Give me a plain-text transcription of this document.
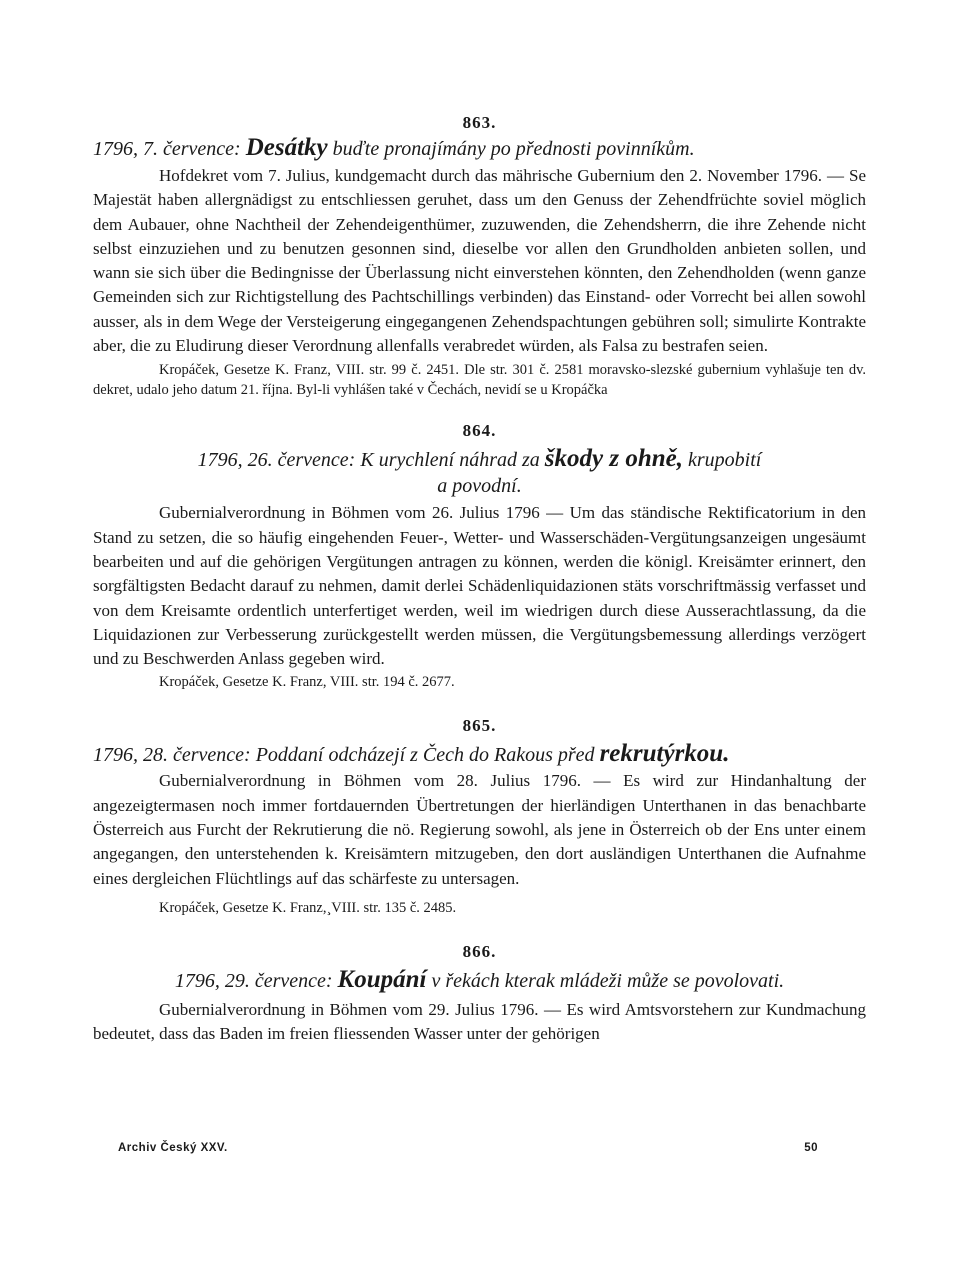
863.

1796, 7. července: Desátky buďte pronajímány po přednosti povinníkům.

Hofdekret vom 7. Julius, kundgemacht durch das mährische Gubernium den 2. November 1796. — Se Majestät haben allergnädigst zu entschliessen geruhet, dass um den Genuss der Zehendfrüchte soviel möglich dem Aubauer, ohne Nachtheil der Zehendeigenthümer, zuzuwenden, die Zehendsherrn, die ihre Zehende nicht selbst einzuziehen und zu benutzen gesonnen sind, dieselbe vor allen den Grundholden anbieten sollen, und wann sie sich über die Bedingnisse der Überlassung nicht einverstehen könnten, den Zehendholden (wenn ganze Gemeinden sich zur Richtigstellung des Pachtschillings verbinden) das Einstand- oder Vorrecht bei allen sowohl ausser, als in dem Wege der Versteigerung eingegangenen Zehendspachtungen gebühren soll; simulirte Kontrakte aber, die zu Eludirung dieser Verordnung allenfalls verabredet würden, als Falsa zu bestrafen seien.

Kropáček, Gesetze K. Franz, VIII. str. 99 č. 2451. Dle str. 301 č. 2581 moravsko-slezské gubernium vyhlašuje ten dv. dekret, udalo jeho datum 21. října. Byl-li vyhlášen také v Čechách, nevidí se u Kropáčka

864.

1796, 26. července: K urychlení náhrad za škody z ohně, krupobití

a povodní.

Gubernialverordnung in Böhmen vom 26. Julius 1796 — Um das ständische Rektificatorium in den Stand zu setzen, die so häufig eingehenden Feuer-, Wetter- und Wasserschäden-Vergütungsanzeigen ungesäumt bearbeiten und auf die gehörigen Vergütungen antragen zu können, werden die königl. Kreisämter erinnert, den sorgfältigsten Bedacht darauf zu nehmen, damit derlei Schädenliquidazionen stäts vorschriftmässig verfasset und von dem Kreisamte ordentlich unterfertiget werden, weil im wiedrigen durch diese Ausserachtlassung, da die Liquidazionen zur Verbesserung zurückgestellt werden müssen, die Vergütungsbemessung allerdings verzögert und zu Beschwerden Anlass gegeben wird.

Kropáček, Gesetze K. Franz, VIII. str. 194 č. 2677.

865.

1796, 28. července: Poddaní odcházejí z Čech do Rakous před rekrutýrkou.

Gubernialverordnung in Böhmen vom 28. Julius 1796. — Es wird zur Hindanhaltung der angezeigtermasen noch immer fortdauernden Übertretungen der hierländigen Unterthanen in das benachbarte Österreich aus Furcht der Rekrutierung die nö. Regierung sowohl, als jene in Österreich ob der Ens unter einem angegangen, den unterstehenden k. Kreisämtern mitzugeben, den dort ausländigen Unterthanen die Aufnahme eines dergleichen Flüchtlings auf das schärfeste zu untersagen.

Kropáček, Gesetze K. Franz,¸VIII. str. 135 č. 2485.

866.

1796, 29. července: Koupání v řekách kterak mládeži může se povolovati.

Gubernialverordnung in Böhmen vom 29. Julius 1796. — Es wird Amtsvorstehern zur Kundmachung bedeutet, dass das Baden im freien fliessenden Wasser unter der gehörigen

Archiv Český XXV.	50
